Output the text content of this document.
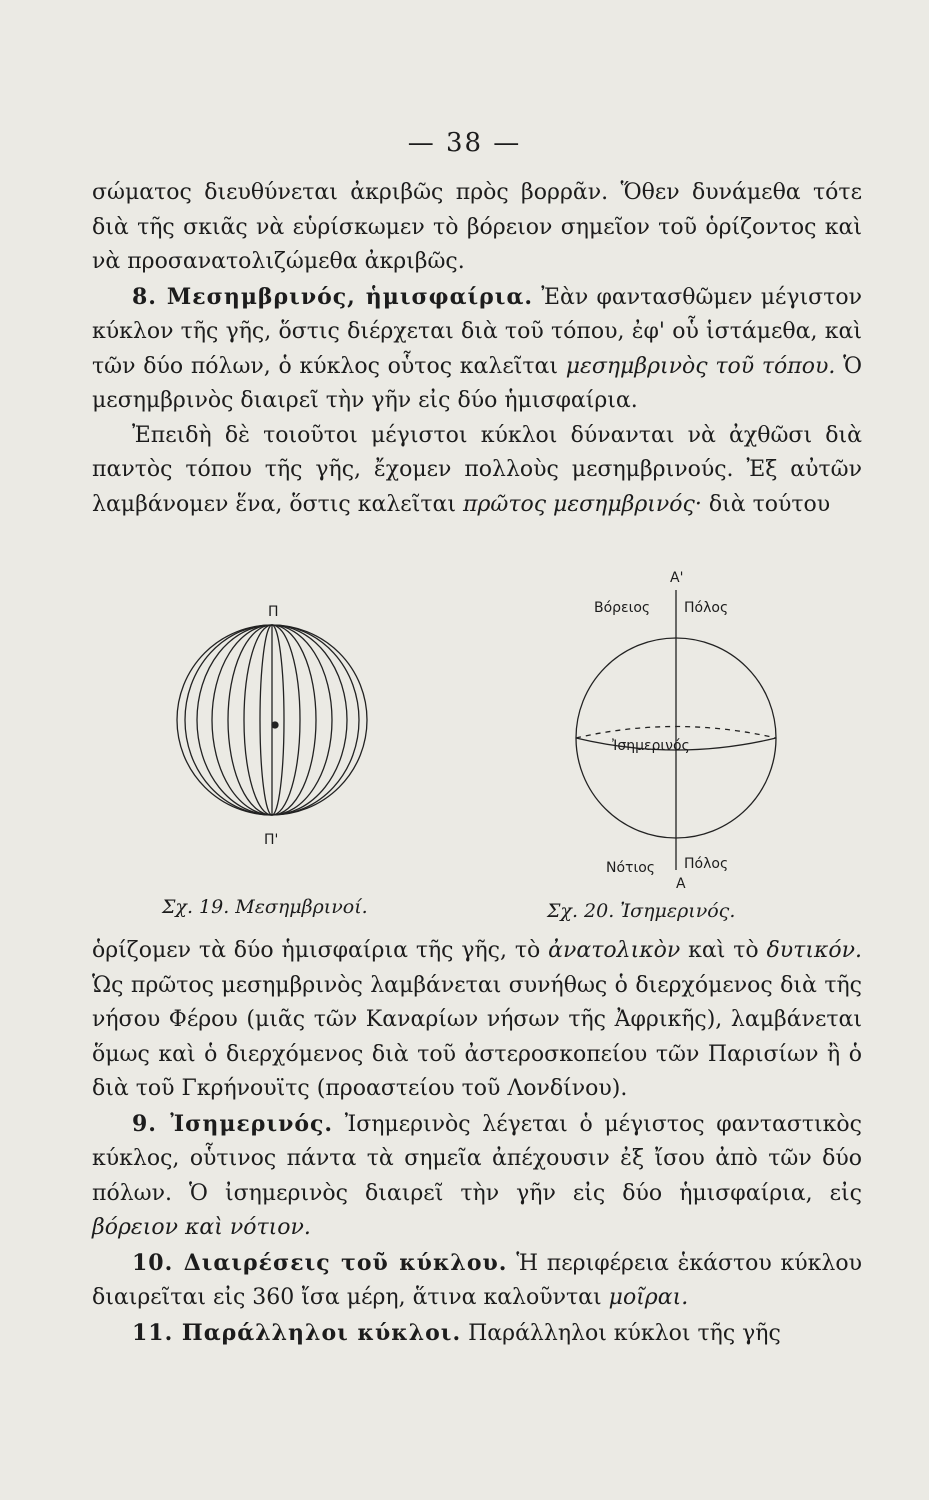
— 38 —

σώματος διευθύνεται ἀκριβῶς πρὸς βορρᾶν. Ὅθεν δυνάμεθα τότε διὰ τῆς σκιᾶς νὰ εὑρίσκωμεν τὸ βόρειον σημεῖον τοῦ ὁρίζοντος καὶ νὰ προσανατολιζώμεθα ἀκριβῶς.

8. Μεσημβρινός, ἡμισφαίρια. Ἐὰν φαντασθῶμεν μέγιστον κύκλον τῆς γῆς, ὅστις διέρχεται διὰ τοῦ τόπου, ἐφ' οὗ ἱστάμεθα, καὶ τῶν δύο πόλων, ὁ κύκλος οὗτος καλεῖται μεσημβρινὸς τοῦ τόπου. Ὁ μεσημβρινὸς διαιρεῖ τὴν γῆν εἰς δύο ἡμισφαίρια.

Ἐπειδὴ δὲ τοιοῦτοι μέγιστοι κύκλοι δύνανται νὰ ἀχθῶσι διὰ παντὸς τόπου τῆς γῆς, ἔχομεν πολλοὺς μεσημβρινούς. Ἐξ αὐτῶν λαμβάνομεν ἕνα, ὅστις καλεῖται πρῶτος μεσημβρινός· διὰ τούτου

Π
Π'
Σχ. 19. Μεσημβρινοί.
Α'
Βόρειος Πόλος
Ἰσημερινός
Νότιος Πόλος
Α
Σχ. 20. Ἰσημερινός.

ὁρίζομεν τὰ δύο ἡμισφαίρια τῆς γῆς, τὸ ἀνατολικὸν καὶ τὸ δυτικόν. Ὡς πρῶτος μεσημβρινὸς λαμβάνεται συνήθως ὁ διερχόμενος διὰ τῆς νήσου Φέρου (μιᾶς τῶν Καναρίων νήσων τῆς Ἀφρικῆς), λαμβάνεται ὅμως καὶ ὁ διερχόμενος διὰ τοῦ ἀστεροσκοπείου τῶν Παρισίων ἢ ὁ διὰ τοῦ Γκρήνουϊτς (προαστείου τοῦ Λονδίνου).

9. Ἰσημερινός. Ἰσημερινὸς λέγεται ὁ μέγιστος φανταστικὸς κύκλος, οὗτινος πάντα τὰ σημεῖα ἀπέχουσιν ἐξ ἴσου ἀπὸ τῶν δύο πόλων. Ὁ ἰσημερινὸς διαιρεῖ τὴν γῆν εἰς δύο ἡμισφαίρια, εἰς βόρειον καὶ νότιον.

10. Διαιρέσεις τοῦ κύκλου. Ἡ περιφέρεια ἑκάστου κύκλου διαιρεῖται εἰς 360 ἴσα μέρη, ἅτινα καλοῦνται μοῖραι.

11. Παράλληλοι κύκλοι. Παράλληλοι κύκλοι τῆς γῆς
